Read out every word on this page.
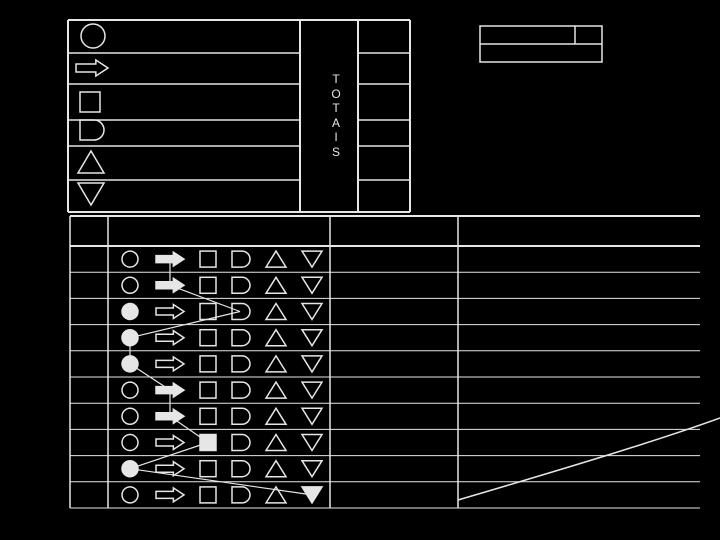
T
O
T
A
I
S
